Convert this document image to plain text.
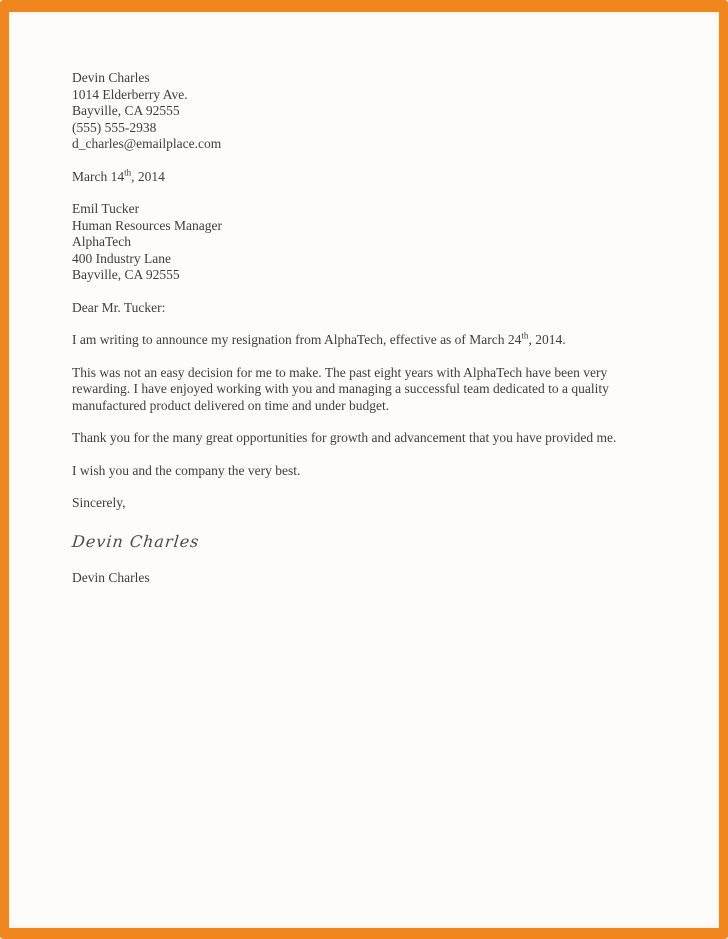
Devin Charles
1014 Elderberry Ave.
Bayville, CA 92555
(555) 555-2938
d_charles@emailplace.com
March 14th, 2014
Emil Tucker
Human Resources Manager
AlphaTech
400 Industry Lane
Bayville, CA 92555

Dear Mr. Tucker:

I am writing to announce my resignation from AlphaTech, effective as of March 24th, 2014.

This was not an easy decision for me to make. The past eight years with AlphaTech have been very rewarding. I have enjoyed working with you and managing a successful team dedicated to a quality manufactured product delivered on time and under budget.

Thank you for the many great opportunities for growth and advancement that you have provided me.

I wish you and the company the very best.

Sincerely,

Devin Charles
Devin Charles
